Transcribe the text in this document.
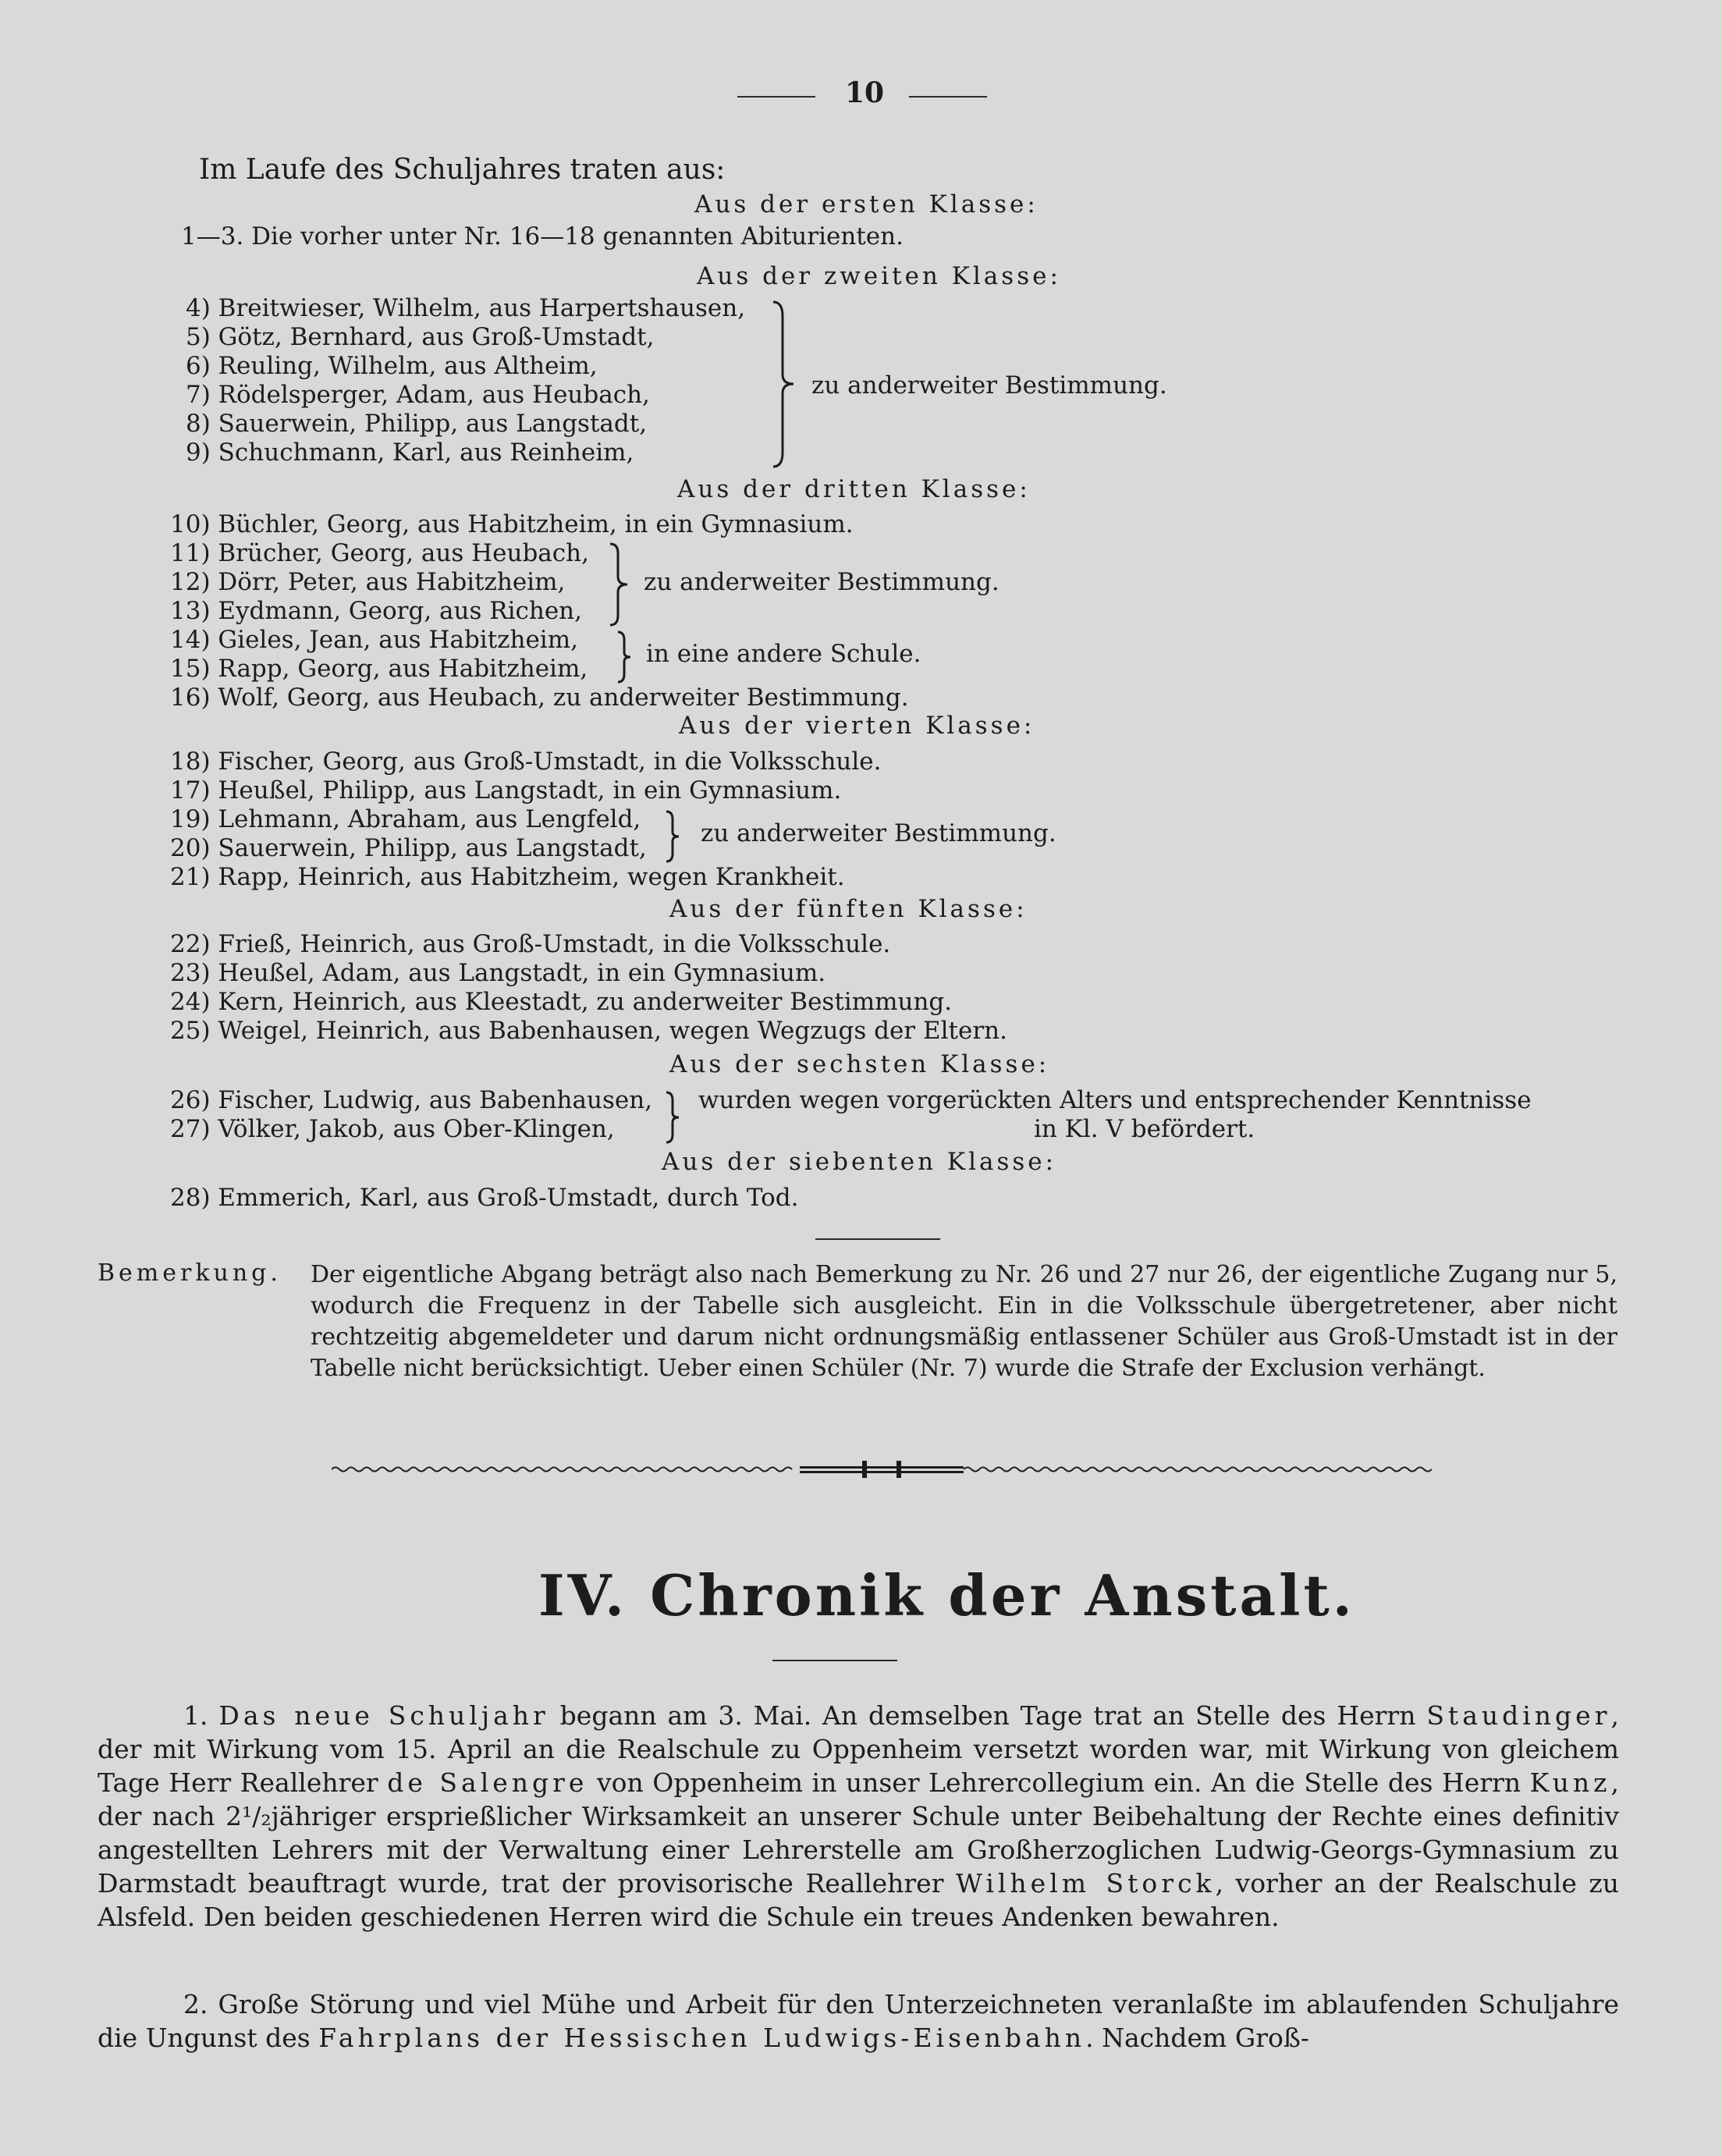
10
Im Laufe des Schuljahres traten aus:
Aus der ersten Klasse:
1—3. Die vorher unter Nr. 16—18 genannten Abiturienten.
Aus der zweiten Klasse:
4) Breitwieser, Wilhelm, aus Harpertshausen,
5) Götz, Bernhard, aus Groß-Umstadt,
6) Reuling, Wilhelm, aus Altheim,
7) Rödelsperger, Adam, aus Heubach,
8) Sauerwein, Philipp, aus Langstadt,
9) Schuchmann, Karl, aus Reinheim,
zu anderweiter Bestimmung.
Aus der dritten Klasse:
10) Büchler, Georg, aus Habitzheim, in ein Gymnasium.
11) Brücher, Georg, aus Heubach,
12) Dörr, Peter, aus Habitzheim,
13) Eydmann, Georg, aus Richen,
zu anderweiter Bestimmung.
14) Gieles, Jean, aus Habitzheim,
15) Rapp, Georg, aus Habitzheim,
in eine andere Schule.
16) Wolf, Georg, aus Heubach, zu anderweiter Bestimmung.
Aus der vierten Klasse:
18) Fischer, Georg, aus Groß-Umstadt, in die Volksschule.
17) Heußel, Philipp, aus Langstadt, in ein Gymnasium.
19) Lehmann, Abraham, aus Lengfeld,
20) Sauerwein, Philipp, aus Langstadt,
zu anderweiter Bestimmung.
21) Rapp, Heinrich, aus Habitzheim, wegen Krankheit.
Aus der fünften Klasse:
22) Frieß, Heinrich, aus Groß-Umstadt, in die Volksschule.
23) Heußel, Adam, aus Langstadt, in ein Gymnasium.
24) Kern, Heinrich, aus Kleestadt, zu anderweiter Bestimmung.
25) Weigel, Heinrich, aus Babenhausen, wegen Wegzugs der Eltern.
Aus der sechsten Klasse:
26) Fischer, Ludwig, aus Babenhausen,
27) Völker, Jakob, aus Ober-Klingen,
wurden wegen vorgerückten Alters und entsprechender Kenntnisse
in Kl. V befördert.
Aus der siebenten Klasse:
28) Emmerich, Karl, aus Groß-Umstadt, durch Tod.
Bemerkung. Der eigentliche Abgang beträgt also nach Bemerkung zu Nr. 26 und 27 nur 26, der eigentliche Zugang nur 5, wodurch die Frequenz in der Tabelle sich ausgleicht. Ein in die Volksschule übergetretener, aber nicht rechtzeitig abgemeldeter und darum nicht ordnungsmäßig entlassener Schüler aus Groß-Umstadt ist in der Tabelle nicht berücksichtigt. Ueber einen Schüler (Nr. 7) wurde die Strafe der Exclusion verhängt.
IV. Chronik der Anstalt.
1. Das neue Schuljahr begann am 3. Mai. An demselben Tage trat an Stelle des Herrn Staudinger, der mit Wirkung vom 15. April an die Realschule zu Oppenheim versetzt worden war, mit Wirkung von gleichem Tage Herr Reallehrer de Salengre von Oppenheim in unser Lehrercollegium ein. An die Stelle des Herrn Kunz, der nach 2¹/₂jähriger ersprießlicher Wirksamkeit an unserer Schule unter Beibehaltung der Rechte eines definitiv angestellten Lehrers mit der Verwaltung einer Lehrerstelle am Großherzoglichen Ludwig-Georgs-Gymnasium zu Darmstadt beauftragt wurde, trat der provisorische Reallehrer Wilhelm Storck, vorher an der Realschule zu Alsfeld. Den beiden geschiedenen Herren wird die Schule ein treues Andenken bewahren.
2. Große Störung und viel Mühe und Arbeit für den Unterzeichneten veranlaßte im ablaufenden Schuljahre die Ungunst des Fahrplans der Hessischen Ludwigs-Eisenbahn. Nachdem Groß-
